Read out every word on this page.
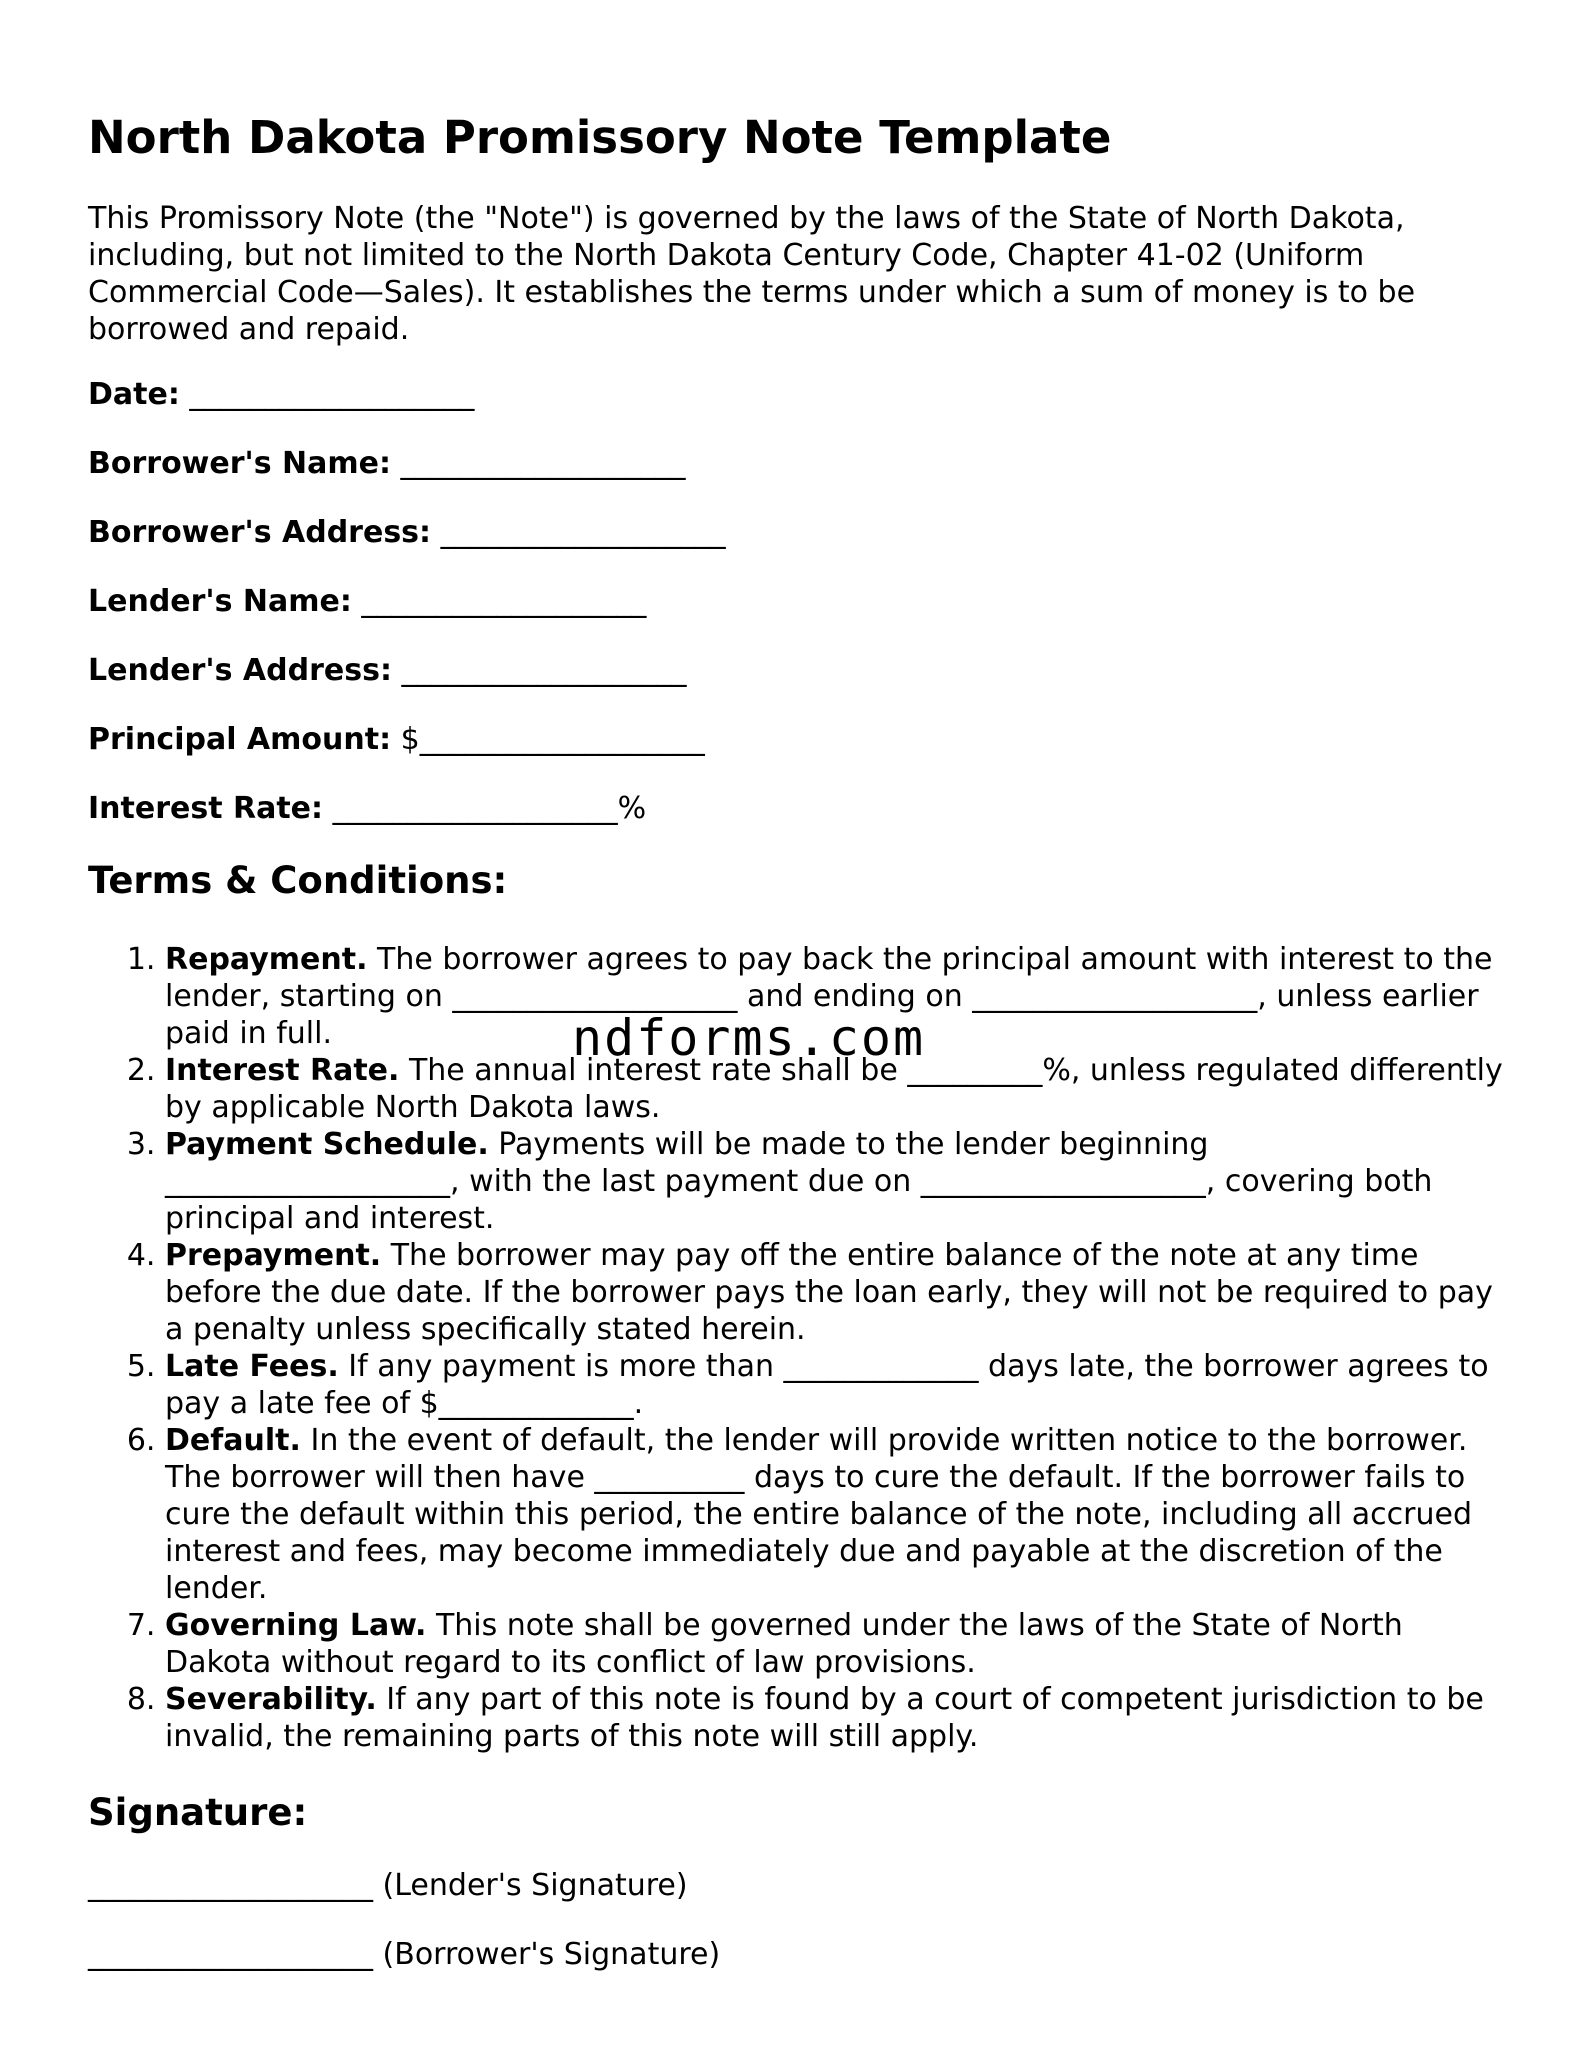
North Dakota Promissory Note Template

This Promissory Note (the "Note") is governed by the laws of the State of North Dakota, including, but not limited to the North Dakota Century Code, Chapter 41-02 (Uniform Commercial Code—Sales). It establishes the terms under which a sum of money is to be borrowed and repaid.

Date: ___________________
Borrower's Name: ___________________
Borrower's Address: ___________________
Lender's Name: ___________________
Lender's Address: ___________________
Principal Amount: $___________________
Interest Rate: ___________________%
Terms & Conditions:
1. Repayment. The borrower agrees to pay back the principal amount with interest to the lender, starting on ___________________ and ending on ___________________, unless earlier paid in full.
2. Interest Rate. The annual interest rate shall be _________%, unless regulated differently by applicable North Dakota laws.
3. Payment Schedule. Payments will be made to the lender beginning ___________________, with the last payment due on ___________________, covering both principal and interest.
4. Prepayment. The borrower may pay off the entire balance of the note at any time before the due date. If the borrower pays the loan early, they will not be required to pay a penalty unless specifically stated herein.
5. Late Fees. If any payment is more than _____________ days late, the borrower agrees to pay a late fee of $_____________.
6. Default. In the event of default, the lender will provide written notice to the borrower. The borrower will then have __________ days to cure the default. If the borrower fails to cure the default within this period, the entire balance of the note, including all accrued interest and fees, may become immediately due and payable at the discretion of the lender.
7. Governing Law. This note shall be governed under the laws of the State of North Dakota without regard to its conflict of law provisions.
8. Severability. If any part of this note is found by a court of competent jurisdiction to be invalid, the remaining parts of this note will still apply.
Signature:
___________________ (Lender's Signature)
___________________ (Borrower's Signature)
ndforms.com
